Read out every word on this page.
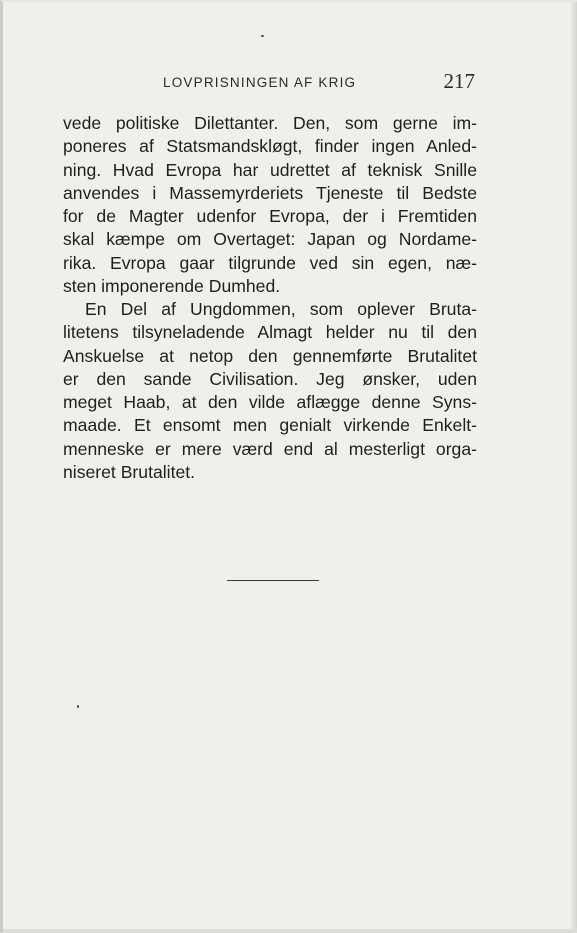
LOVPRISNINGEN AF KRIG	217
vede politiske Dilettanter. Den, som gerne im-
poneres af Statsmandskløgt, finder ingen Anled-
ning. Hvad Evropa har udrettet af teknisk Snille
anvendes i Massemyrderiets Tjeneste til Bedste
for de Magter udenfor Evropa, der i Fremtiden
skal kæmpe om Overtaget: Japan og Nordame-
rika. Evropa gaar tilgrunde ved sin egen, næ-
sten imponerende Dumhed.
En Del af Ungdommen, som oplever Bruta-
litetens tilsyneladende Almagt helder nu til den
Anskuelse at netop den gennemførte Brutalitet
er den sande Civilisation. Jeg ønsker, uden
meget Haab, at den vilde aflægge denne Syns-
maade. Et ensomt men genialt virkende Enkelt-
menneske er mere værd end al mesterligt orga-
niseret Brutalitet.
